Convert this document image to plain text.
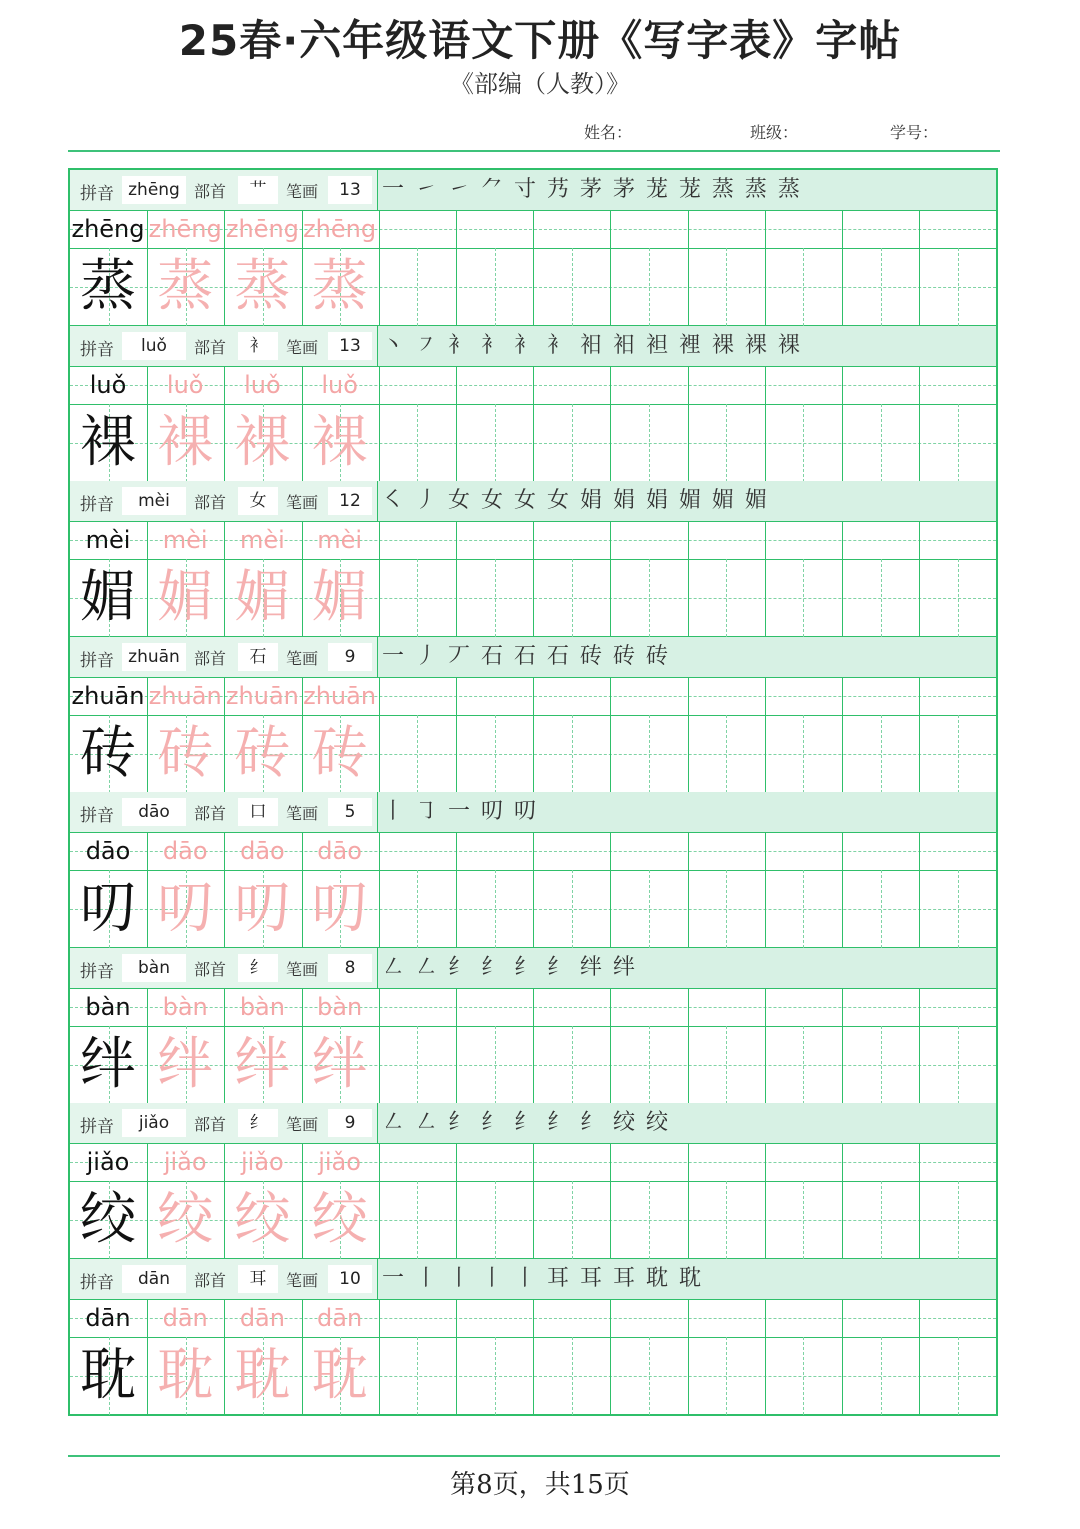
25春·六年级语文下册《写字表》字帖
《部编（人教）》
姓名：	班级：	学号：
拼音 zhēng 部首	艹	笔画	13 一 ㇀ ㇀ ⺈ 寸 艿 茅 茅 茏 茏 蒸 蒸 蒸
zhēng zhēng zhēng zhēng
蒸 蒸 蒸 蒸
拼音	luǒ	部首	衤	笔画	13 丶 ㇇ 衤 衤 衤 衤 衵 衵 袒 裡 裸 裸 裸
luǒ	luǒ	luǒ	luǒ
裸 裸 裸 裸
拼音	mèi	部首	女	笔画	12 ㇛ 丿 女 女 女 女 娟 娟 娟 媚 媚 媚
mèi	mèi	mèi	mèi
媚 媚 媚 媚
拼音 zhuān 部首	石	笔画	9	一 丿 丆 石 石 石 砖 砖 砖
zhuān zhuān zhuān zhuān
砖 砖 砖 砖
拼音	dāo	部首	口	笔画	5	丨 ㇆ 一 叨 叨
dāo	dāo	dāo	dāo
叨 叨 叨 叨
拼音	bàn	部首	纟	笔画	8	㇜ ㇜ 纟 纟 纟 纟 绊 绊
bàn	bàn	bàn	bàn
绊 绊 绊 绊
拼音	jiǎo	部首	纟	笔画	9	㇜ ㇜ 纟 纟 纟 纟 纟 绞 绞
jiǎo	jiǎo	jiǎo	jiǎo
绞 绞 绞 绞
拼音	dān	部首	耳	笔画	10 一 丨 丨 丨 丨 耳 耳 耳 耽 耽
dān	dān	dān	dān
耽 耽 耽 耽
第8页，共15页
